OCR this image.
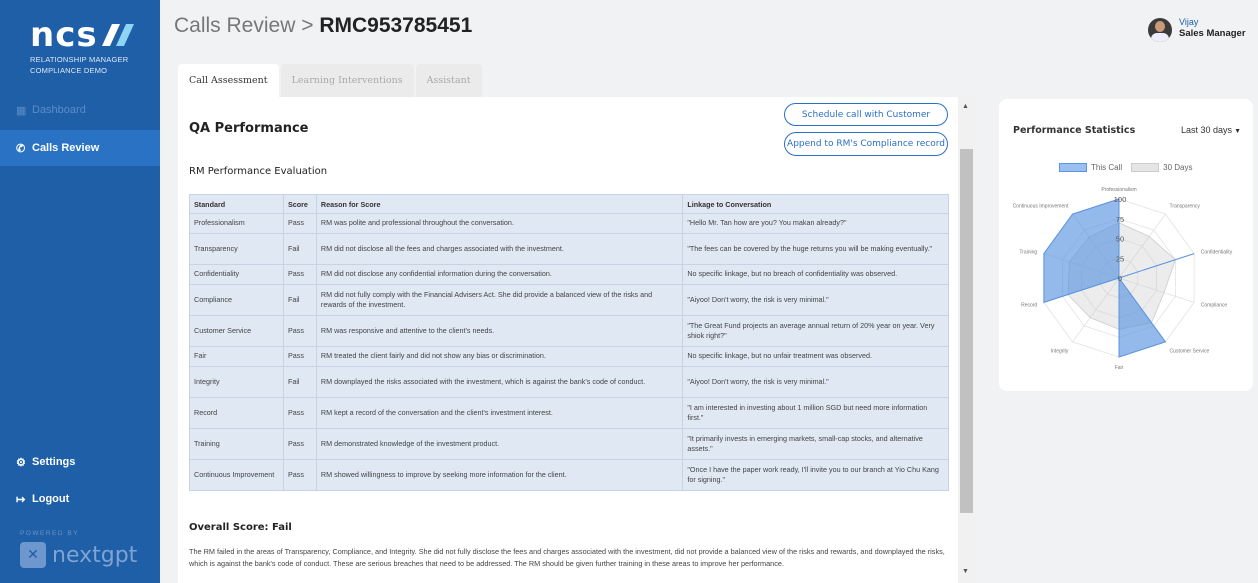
ncs
RELATIONSHIP MANAGER
COMPLIANCE DEMO
▦ Dashboard
✆ Calls Review
⚙ Settings
↦ Logout
POWERED BY
✕ nextgpt
Calls Review > RMC953785451	Vijay
Sales Manager
Call Assessment	Learning Interventions	Assistant
QA Performance
Schedule call with Customer
Append to RM's Compliance record
RM Performance Evaluation
Standard	Score	Reason for Score	Linkage to Conversation
Professionalism	Pass	RM was polite and professional throughout the conversation.	"Hello Mr. Tan how are you? You makan already?"
Transparency	Fail	RM did not disclose all the fees and charges associated with the investment.	"The fees can be covered by the huge returns you will be making eventually."
Confidentiality	Pass	RM did not disclose any confidential information during the conversation.	No specific linkage, but no breach of confidentiality was observed.
Compliance	Fail	RM did not fully comply with the Financial Advisers Act. She did provide a balanced view of the risks and rewards of the investment.	"Aiyoo! Don't worry, the risk is very minimal."
Customer Service	Pass	RM was responsive and attentive to the client's needs.	"The Great Fund projects an average annual return of 20% year on year. Very shiok right?"
Fair	Pass	RM treated the client fairly and did not show any bias or discrimination.	No specific linkage, but no unfair treatment was observed.
Integrity	Fail	RM downplayed the risks associated with the investment, which is against the bank's code of conduct.	"Aiyoo! Don't worry, the risk is very minimal."
Record	Pass	RM kept a record of the conversation and the client's investment interest.	"I am interested in investing about 1 million SGD but need more information first."
Training	Pass	RM demonstrated knowledge of the investment product.	"It primarily invests in emerging markets, small-cap stocks, and alternative assets."
Continuous Improvement	Pass	RM showed willingness to improve by seeking more information for the client.	"Once I have the paper work ready, I'll invite you to our branch at Yio Chu Kang for signing."
Overall Score: Fail
The RM failed in the areas of Transparency, Compliance, and Integrity. She did not fully disclose the fees and charges associated with the investment, did not provide a balanced view of the risks and rewards, and downplayed the risks, which is against the bank's code of conduct. These are serious breaches that need to be addressed. The RM should be given further training in these areas to improve her performance.
▲
▼
Performance Statistics	Last 30 days ▼
This Call	30 Days
0
25
50
75
100
Professionalism
Transparency
Confidentiality
Compliance
Customer Service
Fair
Integrity
Record
Training
Continuous Improvement
